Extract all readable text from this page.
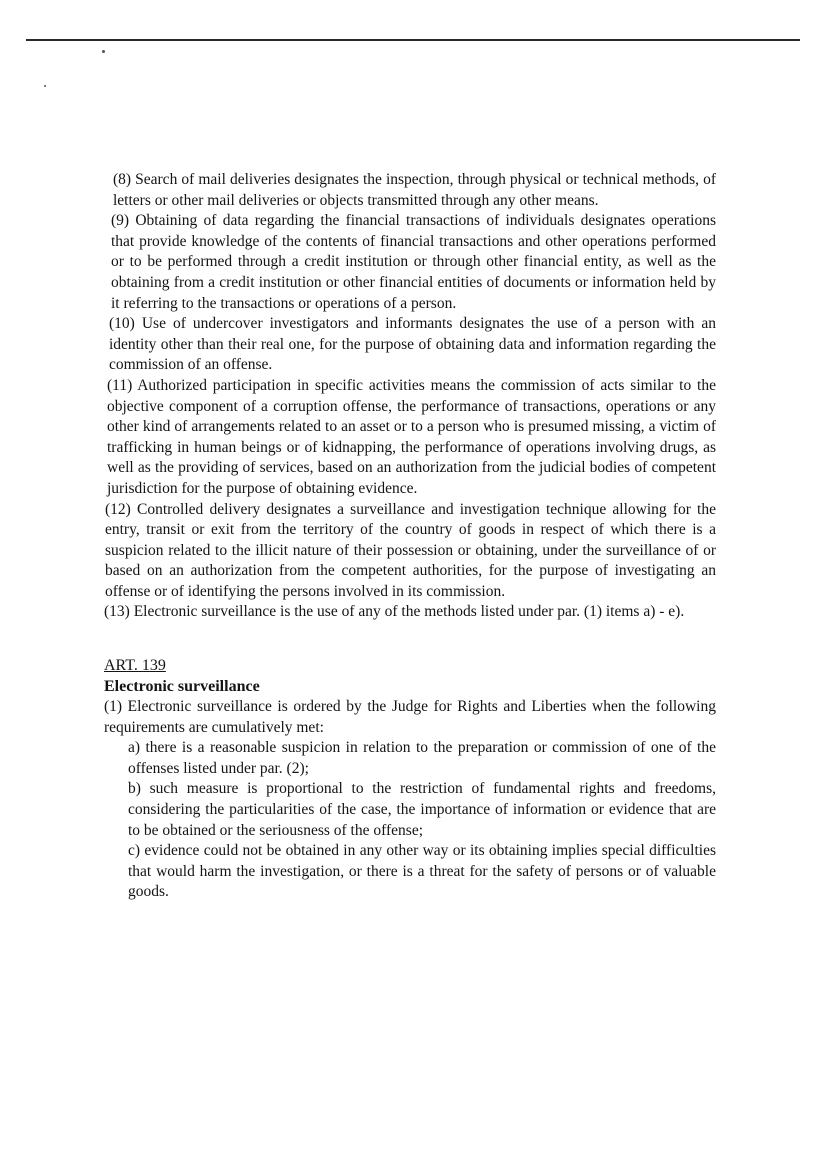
(8) Search of mail deliveries designates the inspection, through physical or technical methods, of letters or other mail deliveries or objects transmitted through any other means.

(9) Obtaining of data regarding the financial transactions of individuals designates operations that provide knowledge of the contents of financial transactions and other operations performed or to be performed through a credit institution or through other financial entity, as well as the obtaining from a credit institution or other financial entities of documents or information held by it referring to the transactions or operations of a person.

(10) Use of undercover investigators and informants designates the use of a person with an identity other than their real one, for the purpose of obtaining data and information regarding the commission of an offense.

(11) Authorized participation in specific activities means the commission of acts similar to the objective component of a corruption offense, the performance of transactions, operations or any other kind of arrangements related to an asset or to a person who is presumed missing, a victim of trafficking in human beings or of kidnapping, the performance of operations involving drugs, as well as the providing of services, based on an authorization from the judicial bodies of competent jurisdiction for the purpose of obtaining evidence.

(12) Controlled delivery designates a surveillance and investigation technique allowing for the entry, transit or exit from the territory of the country of goods in respect of which there is a suspicion related to the illicit nature of their possession or obtaining, under the surveillance of or based on an authorization from the competent authorities, for the purpose of investigating an offense or of identifying the persons involved in its commission.

(13) Electronic surveillance is the use of any of the methods listed under par. (1) items a) - e).

ART. 139
Electronic surveillance

(1) Electronic surveillance is ordered by the Judge for Rights and Liberties when the following requirements are cumulatively met:

a) there is a reasonable suspicion in relation to the preparation or commission of one of the offenses listed under par. (2);

b) such measure is proportional to the restriction of fundamental rights and freedoms, considering the particularities of the case, the importance of information or evidence that are to be obtained or the seriousness of the offense;

c) evidence could not be obtained in any other way or its obtaining implies special difficulties that would harm the investigation, or there is a threat for the safety of persons or of valuable goods.
